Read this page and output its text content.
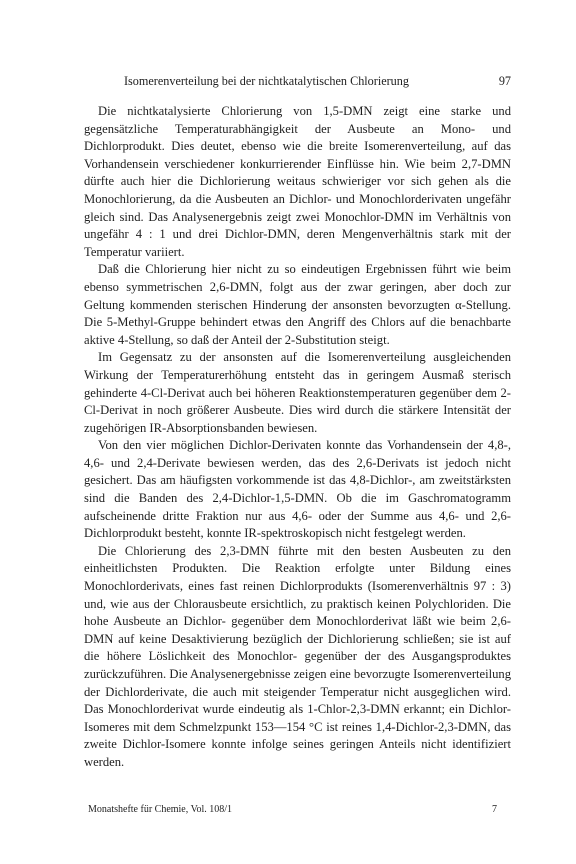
Isomerenverteilung bei der nichtkatalytischen Chlorierung	97

Die nichtkatalysierte Chlorierung von 1,5-DMN zeigt eine starke und gegensätzliche Temperaturabhängigkeit der Ausbeute an Mono- und Dichlorprodukt. Dies deutet, ebenso wie die breite Isomerenverteilung, auf das Vorhandensein verschiedener konkurrierender Einflüsse hin. Wie beim 2,7-DMN dürfte auch hier die Dichlorierung weitaus schwieriger vor sich gehen als die Monochlorierung, da die Ausbeuten an Dichlor- und Monochlorderivaten ungefähr gleich sind. Das Analysenergebnis zeigt zwei Monochlor-DMN im Verhältnis von ungefähr 4 : 1 und drei Dichlor-DMN, deren Mengenverhältnis stark mit der Temperatur variiert.

Daß die Chlorierung hier nicht zu so eindeutigen Ergebnissen führt wie beim ebenso symmetrischen 2,6-DMN, folgt aus der zwar geringen, aber doch zur Geltung kommenden sterischen Hinderung der ansonsten bevorzugten α-Stellung. Die 5-Methyl-Gruppe behindert etwas den Angriff des Chlors auf die benachbarte aktive 4-Stellung, so daß der Anteil der 2-Substitution steigt.

Im Gegensatz zu der ansonsten auf die Isomerenverteilung ausgleichenden Wirkung der Temperaturerhöhung entsteht das in geringem Ausmaß sterisch gehinderte 4-Cl-Derivat auch bei höheren Reaktionstemperaturen gegenüber dem 2-Cl-Derivat in noch größerer Ausbeute. Dies wird durch die stärkere Intensität der zugehörigen IR-Absorptionsbanden bewiesen.

Von den vier möglichen Dichlor-Derivaten konnte das Vorhandensein der 4,8-, 4,6- und 2,4-Derivate bewiesen werden, das des 2,6-Derivats ist jedoch nicht gesichert. Das am häufigsten vorkommende ist das 4,8-Dichlor-, am zweitstärksten sind die Banden des 2,4-Dichlor-1,5-DMN. Ob die im Gaschromatogramm aufscheinende dritte Fraktion nur aus 4,6- oder der Summe aus 4,6- und 2,6-Dichlorprodukt besteht, konnte IR-spektroskopisch nicht festgelegt werden.

Die Chlorierung des 2,3-DMN führte mit den besten Ausbeuten zu den einheitlichsten Produkten. Die Reaktion erfolgte unter Bildung eines Monochlorderivats, eines fast reinen Dichlorprodukts (Isomerenverhältnis 97 : 3) und, wie aus der Chlorausbeute ersichtlich, zu praktisch keinen Polychloriden. Die hohe Ausbeute an Dichlor- gegenüber dem Monochlorderivat läßt wie beim 2,6-DMN auf keine Desaktivierung bezüglich der Dichlorierung schließen; sie ist auf die höhere Löslichkeit des Monochlor- gegenüber der des Ausgangsproduktes zurückzuführen. Die Analysenergebnisse zeigen eine bevorzugte Isomerenverteilung der Dichlorderivate, die auch mit steigender Temperatur nicht ausgeglichen wird. Das Monochlorderivat wurde eindeutig als 1-Chlor-2,3-DMN erkannt; ein Dichlor-Isomeres mit dem Schmelzpunkt 153—154 °C ist reines 1,4-Dichlor-2,3-DMN, das zweite Dichlor-Isomere konnte infolge seines geringen Anteils nicht identifiziert werden.

Monatshefte für Chemie, Vol. 108/1	7
